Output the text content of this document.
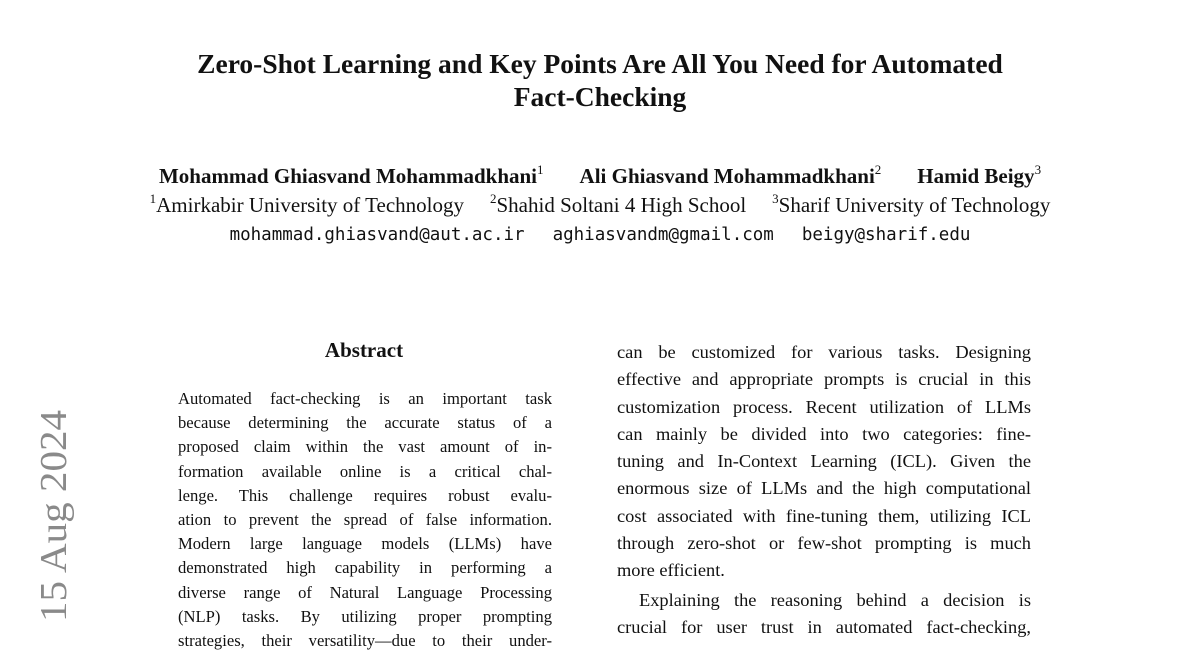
Zero-Shot Learning and Key Points Are All You Need for Automated
Fact-Checking
Mohammad Ghiasvand Mohammadkhani$^1$ Ali Ghiasvand Mohammadkhani$^2$ Hamid Beigy$^3$
$^1$Amirkabir University of Technology $^2$Shahid Soltani 4 High School $^3$Sharif University of Technology
mohammad.ghiasvand@aut.ac.ir aghiasvandm@gmail.com beigy@sharif.edu
15 Aug 2024
Abstract
Automated fact-checking is an important task
because determining the accurate status of a
proposed claim within the vast amount of in-
formation available online is a critical chal-
lenge. This challenge requires robust evalu-
ation to prevent the spread of false information.
Modern large language models (LLMs) have
demonstrated high capability in performing a
diverse range of Natural Language Processing
(NLP) tasks. By utilizing proper prompting
strategies, their versatility—due to their under-
can be customized for various tasks. Designing
effective and appropriate prompts is crucial in this
customization process. Recent utilization of LLMs
can mainly be divided into two categories: fine-
tuning and In-Context Learning (ICL). Given the
enormous size of LLMs and the high computational
cost associated with fine-tuning them, utilizing ICL
through zero-shot or few-shot prompting is much
more efficient.
Explaining the reasoning behind a decision is
crucial for user trust in automated fact-checking,
